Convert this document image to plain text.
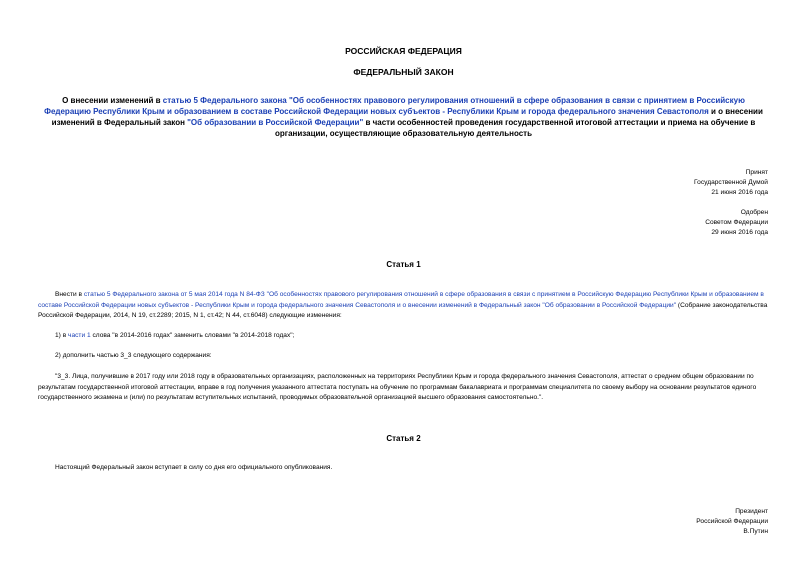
РОССИЙСКАЯ ФЕДЕРАЦИЯ
ФЕДЕРАЛЬНЫЙ ЗАКОН
О внесении изменений в статью 5 Федерального закона "Об особенностях правового регулирования отношений в сфере образования в связи с принятием в Российскую Федерацию Республики Крым и образованием в составе Российской Федерации новых субъектов - Республики Крым и города федерального значения Севастополя и о внесении изменений в Федеральный закон "Об образовании в Российской Федерации" в части особенностей проведения государственной итоговой аттестации и приема на обучение в организации, осуществляющие образовательную деятельность
Принят
Государственной Думой
21 июня 2016 года
Одобрен
Советом Федерации
29 июня 2016 года
Статья 1
Внести в статью 5 Федерального закона от 5 мая 2014 года N 84-ФЗ "Об особенностях правового регулирования отношений в сфере образования в связи с принятием в Российскую Федерацию Республики Крым и образованием в составе Российской Федерации новых субъектов - Республики Крым и города федерального значения Севастополя и о внесении изменений в Федеральный закон "Об образовании в Российской Федерации" (Собрание законодательства Российской Федерации, 2014, N 19, ст.2289; 2015, N 1, ст.42; N 44, ст.6048) следующие изменения:
1) в части 1 слова "в 2014-2016 годах" заменить словами "в 2014-2018 годах";
2) дополнить частью 3_3 следующего содержания:
"3_3. Лица, получившие в 2017 году или 2018 году в образовательных организациях, расположенных на территориях Республики Крым и города федерального значения Севастополя, аттестат о среднем общем образовании по результатам государственной итоговой аттестации, вправе в год получения указанного аттестата поступать на обучение по программам бакалавриата и программам специалитета по своему выбору на основании результатов единого государственного экзамена и (или) по результатам вступительных испытаний, проводимых образовательной организацией высшего образования самостоятельно.".
Статья 2
Настоящий Федеральный закон вступает в силу со дня его официального опубликования.
Президент
Российской Федерации
В.Путин
